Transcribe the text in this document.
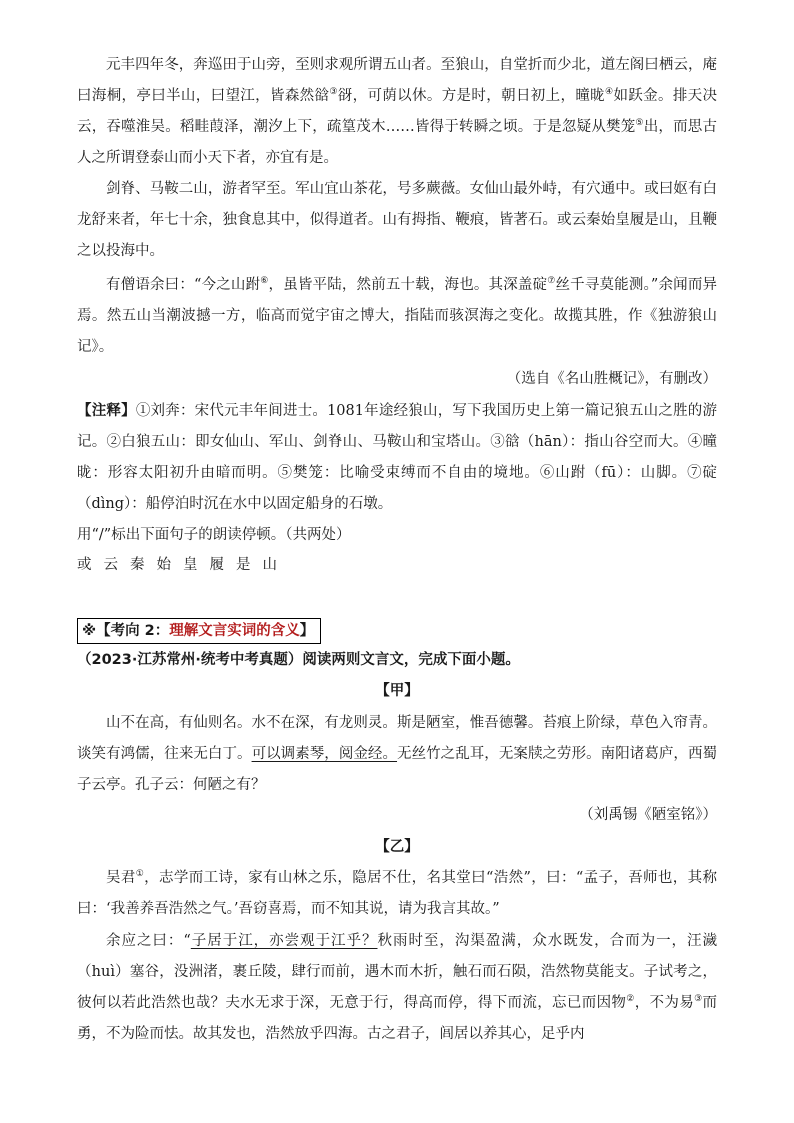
元丰四年冬，奔巡田于山旁，至则求观所谓五山者。至狼山，自堂折而少北，道左阁曰栖云，庵曰海桐，亭曰半山，曰望江，皆森然谽③谺，可荫以休。方是时，朝日初上，曈昽④如跃金。排天决云，吞噬淮吴。稻畦葭泽，潮汐上下，疏篁茂木……皆得于转瞬之顷。于是忽疑从樊笼⑤出，而思古人之所谓登泰山而小天下者，亦宜有是。

剑脊、马鞍二山，游者罕至。军山宜山茶花，号多蕨薇。女仙山最外峙，有穴通中。或曰妪有白龙舒来者，年七十余，独食息其中，似得道者。山有拇指、鞭痕，皆著石。或云秦始皇履是山，且鞭之以投海中。

有僧语余曰：“今之山跗⑥，虽皆平陆，然前五十载，海也。其深盖碇⑦丝千寻莫能测。”余闻而异焉。然五山当潮波撼一方，临高而觉宇宙之博大，指陆而骇溟海之变化。故揽其胜，作《独游狼山记》。

（选自《名山胜概记》，有删改）

【注释】①刘奔：宋代元丰年间进士。1081年途经狼山，写下我国历史上第一篇记狼五山之胜的游记。②白狼五山：即女仙山、军山、剑脊山、马鞍山和宝塔山。③谽（hān）：指山谷空而大。④曈昽：形容太阳初升由暗而明。⑤樊笼：比喻受束缚而不自由的境地。⑥山跗（fū）：山脚。⑦碇（dìng）：船停泊时沉在水中以固定船身的石墩。

用“/”标出下面句子的朗读停顿。（共两处）

或云秦始皇履是山

※【考向 2：理解文言实词的含义】

（2023·江苏常州·统考中考真题）阅读两则文言文，完成下面小题。

【甲】

山不在高，有仙则名。水不在深，有龙则灵。斯是陋室，惟吾德馨。苔痕上阶绿，草色入帘青。谈笑有鸿儒，往来无白丁。可以调素琴，阅金经。无丝竹之乱耳，无案牍之劳形。南阳诸葛庐，西蜀子云亭。孔子云：何陋之有？

（刘禹锡《陋室铭》）

【乙】

吴君①，志学而工诗，家有山林之乐，隐居不仕，名其堂曰“浩然”，曰：“孟子，吾师也，其称曰：‘我善养吾浩然之气。’吾窃喜焉，而不知其说，请为我言其故。”

余应之曰：“子居于江，亦尝观于江乎？秋雨时至，沟渠盈满，众水既发，合而为一，汪濊（huì）塞谷，没洲渚，裹丘陵，肆行而前，遇木而木折，触石而石陨，浩然物莫能支。子试考之，彼何以若此浩然也哉？夫水无求于深，无意于行，得高而停，得下而流，忘已而因物②，不为易③而勇，不为险而怯。故其发也，浩然放乎四海。古之君子，闾居以养其心，足乎内
